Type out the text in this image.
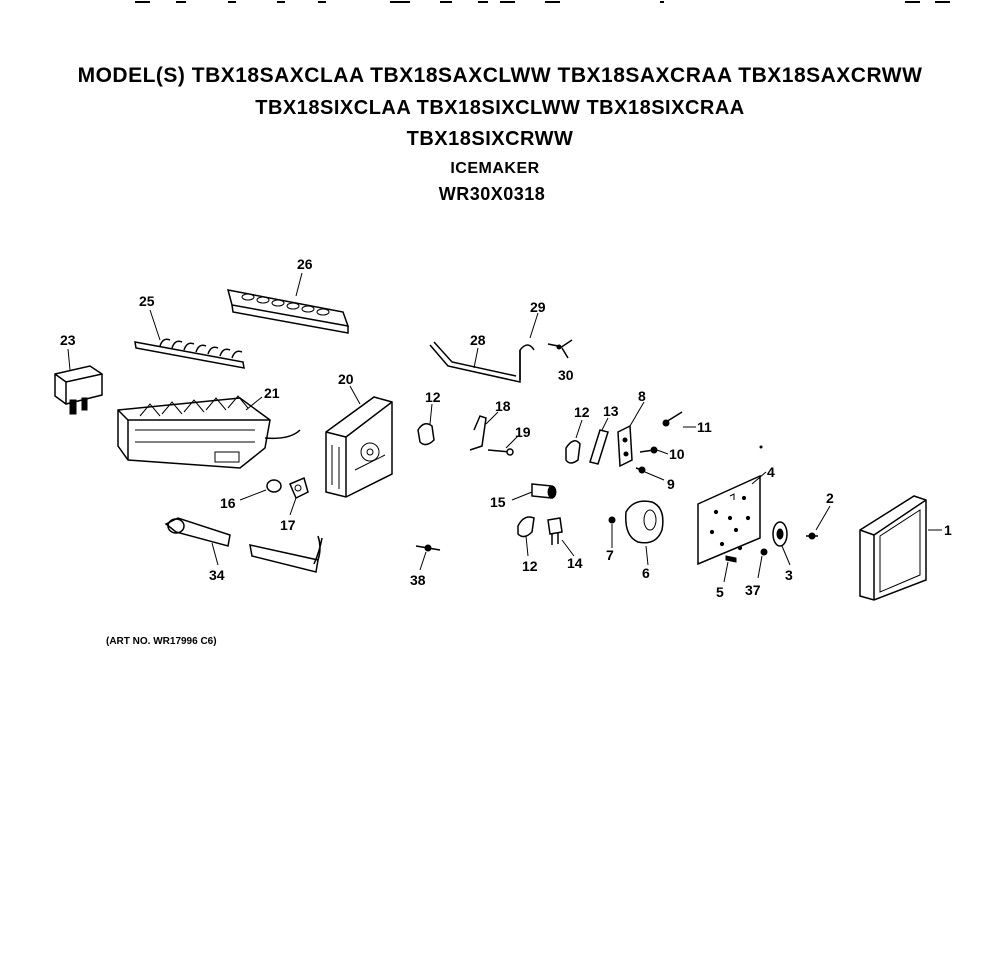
MODEL(S) TBX18SAXCLAA TBX18SAXCLWW TBX18SAXCRAA TBX18SAXCRWW
TBX18SIXCLAA TBX18SIXCLWW TBX18SIXCRAA
TBX18SIXCRWW
ICEMAKER
WR30X0318
26
25
23
21
16
17
34
20
12
28
29
30
18
19
15
12 13
8
11
10
9
12 14 7
6
4
5 37
3
2
1
38
(ART NO. WR17996 C6)
